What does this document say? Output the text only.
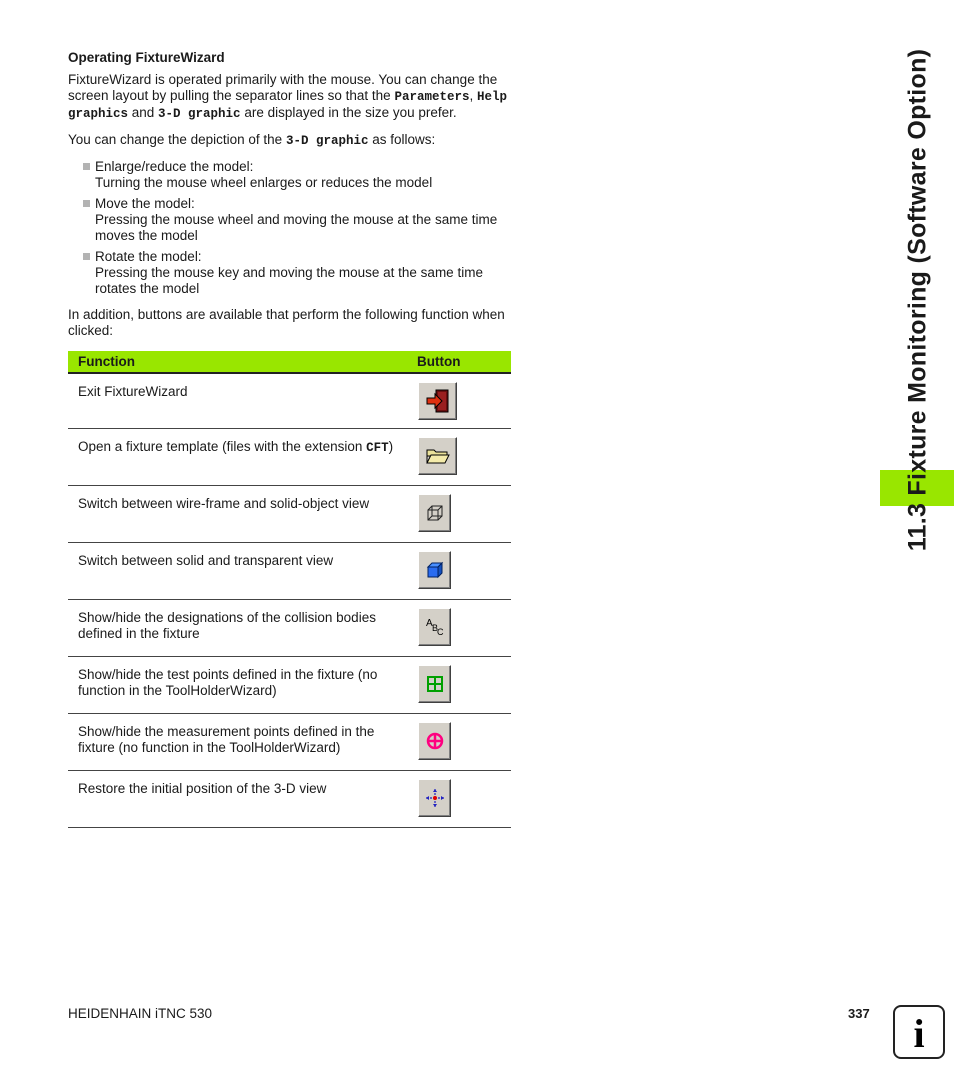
11.3 Fixture Monitoring (Software Option)
Operating FixtureWizard

FixtureWizard is operated primarily with the mouse. You can change the screen layout by pulling the separator lines so that the Parameters, Help graphics and 3-D graphic are displayed in the size you prefer.

You can change the depiction of the 3-D graphic as follows:

Enlarge/reduce the model:
Turning the mouse wheel enlarges or reduces the model
Move the model:
Pressing the mouse wheel and moving the mouse at the same time moves the model
Rotate the model:
Pressing the mouse key and moving the mouse at the same time rotates the model

In addition, buttons are available that perform the following function when clicked:

Function	Button
Exit FixtureWizard	

Open a fixture template (files with the extension CFT)	

Switch between wire-frame and solid-object view	

Switch between solid and transparent view	

Show/hide the designations of the collision bodies defined in the fixture	A B
C

Show/hide the test points defined in the fixture (no function in the ToolHolderWizard)	

Show/hide the measurement points defined in the fixture (no function in the ToolHolderWizard)	

Restore the initial position of the 3-D view	
HEIDENHAIN iTNC 530	337 i
